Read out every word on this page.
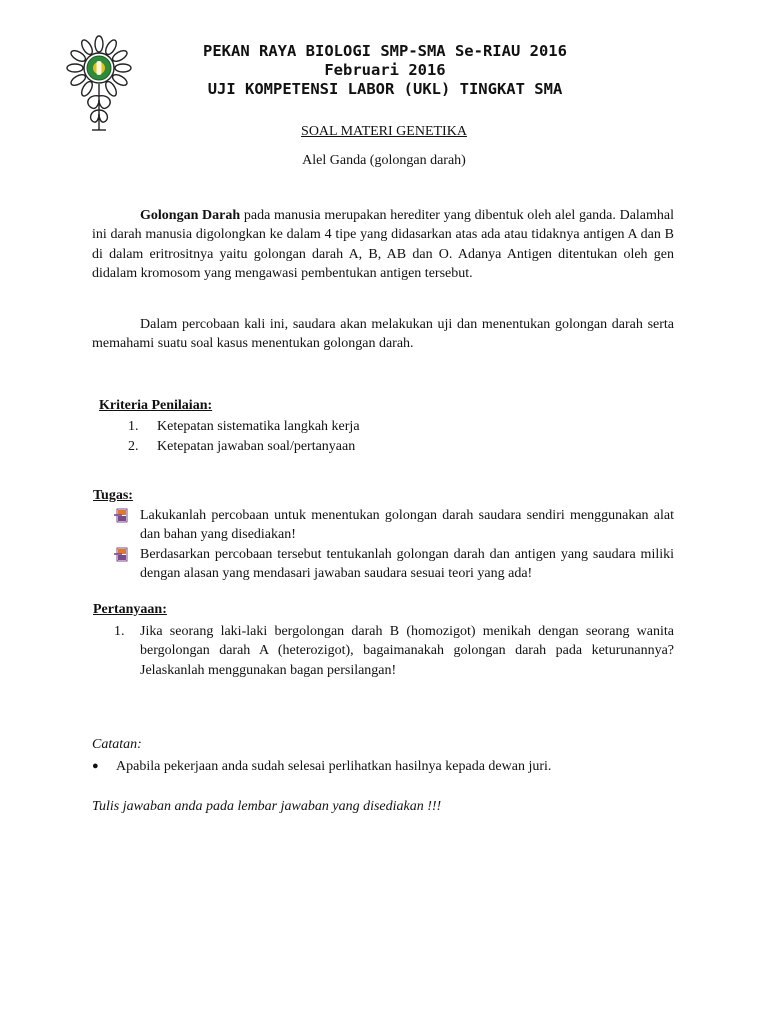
PEKAN RAYA BIOLOGI SMP-SMA Se-RIAU 2016
Februari 2016
UJI KOMPETENSI LABOR (UKL) TINGKAT SMA
SOAL MATERI GENETIKA
Alel Ganda (golongan darah)
Golongan Darah pada manusia merupakan herediter yang dibentuk oleh alel ganda. Dalamhal ini darah manusia digolongkan ke dalam 4 tipe yang didasarkan atas ada atau tidaknya antigen A dan B di dalam eritrositnya yaitu golongan darah A, B, AB dan O. Adanya Antigen ditentukan oleh gen didalam kromosom yang mengawasi pembentukan antigen tersebut.
Dalam percobaan kali ini, saudara akan melakukan uji dan menentukan golongan darah serta memahami suatu soal kasus menentukan golongan darah.
Kriteria Penilaian:
1. Ketepatan sistematika langkah kerja
2. Ketepatan jawaban soal/pertanyaan
Tugas:
Lakukanlah percobaan untuk menentukan golongan darah saudara sendiri menggunakan alat dan bahan yang disediakan!
Berdasarkan percobaan tersebut tentukanlah golongan darah dan antigen yang saudara miliki dengan alasan yang mendasari jawaban saudara sesuai teori yang ada!
Pertanyaan:
1. Jika seorang laki-laki bergolongan darah B (homozigot) menikah dengan seorang wanita bergolongan darah A (heterozigot), bagaimanakah golongan darah pada keturunannya? Jelaskanlah menggunakan bagan persilangan!
Catatan:
● Apabila pekerjaan anda sudah selesai perlihatkan hasilnya kepada dewan juri.
Tulis jawaban anda pada lembar jawaban yang disediakan !!!
